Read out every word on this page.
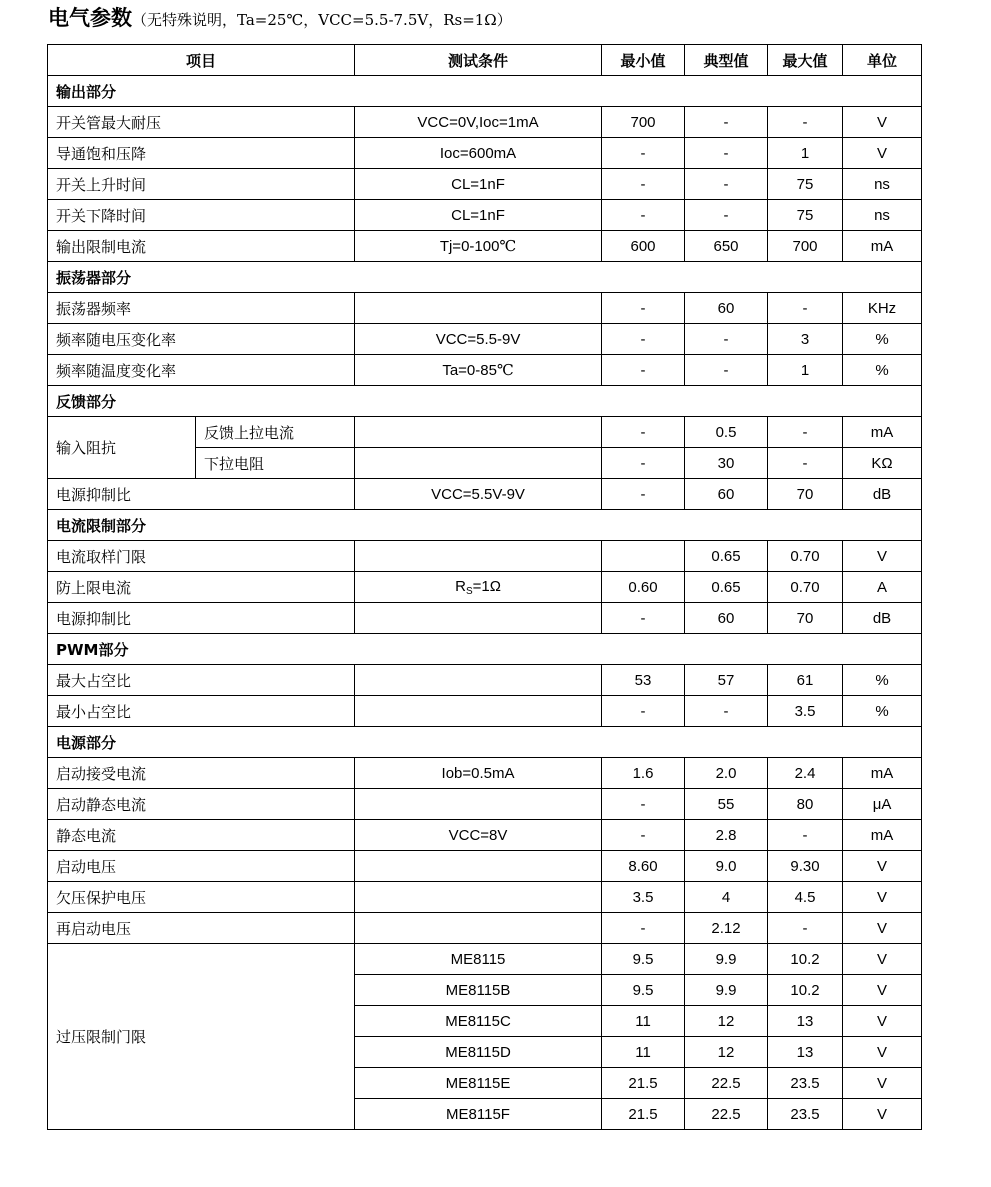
电气参数（无特殊说明，Ta=25℃，VCC=5.5-7.5V，Rs=1Ω）
项目		测试条件	最小值	典型值	最大值	单位
输出部分						
开关管最大耐压		VCC=0V,Ioc=1mA	700	-	-	V
导通饱和压降		Ioc=600mA	-	-	1	V
开关上升时间		CL=1nF	-	-	75	ns
开关下降时间		CL=1nF	-	-	75	ns
输出限制电流		Tj=0-100℃	600	650	700	mA
振荡器部分						
振荡器频率			-	60	-	KHz
频率随电压变化率		VCC=5.5-9V	-	-	3	%
频率随温度变化率		Ta=0-85℃	-	-	1	%
反馈部分						
输入阻抗	反馈上拉电流		-	0.5	-	mA
	下拉电阻		-	30	-	KΩ
电源抑制比		VCC=5.5V-9V	-	60	70	dB
电流限制部分						
电流取样门限				0.65	0.70	V
防上限电流		$R_S=1\Omega$	0.60	0.65	0.70	A
电源抑制比			-	60	70	dB
PWM部分						
最大占空比			53	57	61	%
最小占空比			-	-	3.5	%
电源部分						
启动接受电流		Iob=0.5mA	1.6	2.0	2.4	mA
启动静态电流			-	55	80	μA
静态电流		VCC=8V	-	2.8	-	mA
启动电压			8.60	9.0	9.30	V
欠压保护电压			3.5	4	4.5	V
再启动电压			-	2.12	-	V
过压限制门限		ME8115	9.5	9.9	10.2	V
		ME8115B	9.5	9.9	10.2	V
		ME8115C	11	12	13	V
		ME8115D	11	12	13	V
		ME8115E	21.5	22.5	23.5	V
		ME8115F	21.5	22.5	23.5	V
